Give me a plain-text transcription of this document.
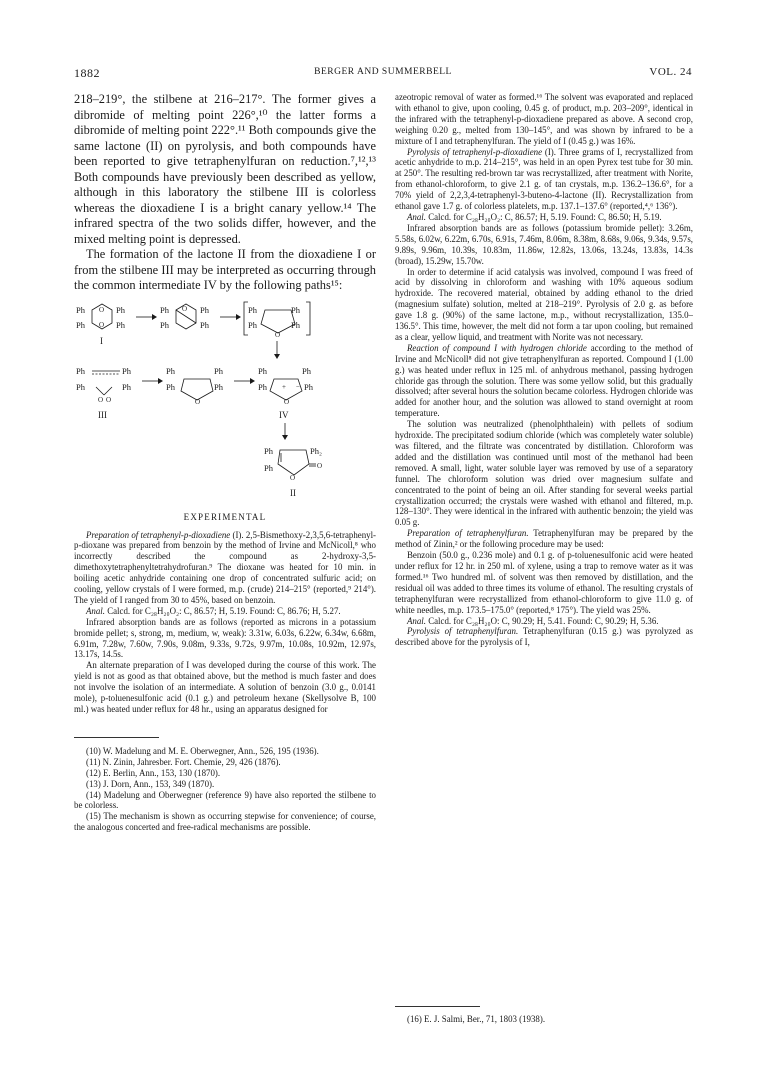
1882	BERGER AND SUMMERBELL	VOL. 24

218–219°, the stilbene at 216–217°. The former gives a dibromide of melting point 226°,¹⁰ the latter forms a dibromide of melting point 222°.¹¹ Both compounds give the same lactone (II) on pyrolysis, and both compounds have been reported to give tetraphenylfuran on reduction.⁷,¹²,¹³ Both compounds have previously been described as yellow, although in this laboratory the stilbene III is colorless whereas the dioxadiene I is a bright canary yellow.¹⁴ The infrared spectra of the two solids differ, however, and the mixed melting point is depressed.

The formation of the lactone II from the dioxadiene I or from the stilbene III may be interpreted as occurring through the common intermediate IV by the following paths¹⁵:

Ph
Ph
O
O
Ph
Ph
I
Ph
Ph
O Ph
Ph
Ph
Ph
O
Ph
Ph
Ph
Ph
O O
Ph
Ph
III
Ph
Ph
O
Ph
Ph
Ph
Ph + −
O
Ph
Ph
IV
Ph
Ph
O
O
Ph₂
II
EXPERIMENTAL

Preparation of tetraphenyl-p-dioxadiene (I). 2,5-Bismethoxy-2,3,5,6-tetraphenyl-p-dioxane was prepared from benzoin by the method of Irvine and McNicoll,⁸ who incorrectly described the compound as 2-hydroxy-3,5-dimethoxytetraphenyltetrahydrofuran.⁹ The dioxane was heated for 10 min. in boiling acetic anhydride containing one drop of concentrated sulfuric acid; on cooling, yellow crystals of I were formed, m.p. (crude) 214–215° (reported,⁹ 214°). The yield of I ranged from 30 to 45%, based on benzoin.

Anal. Calcd. for C₂₈H₂₀O₂: C, 86.57; H, 5.19. Found: C, 86.76; H, 5.27.

Infrared absorption bands are as follows (reported as microns in a potassium bromide pellet; s, strong, m, medium, w, weak): 3.31w, 6.03s, 6.22w, 6.34w, 6.68m, 6.91m, 7.28w, 7.60w, 7.90s, 9.08m, 9.33s, 9.72s, 9.97m, 10.08s, 10.92m, 12.97s, 13.17s, 14.5s.

An alternate preparation of I was developed during the course of this work. The yield is not as good as that obtained above, but the method is much faster and does not involve the isolation of an intermediate. A solution of benzoin (3.0 g., 0.0141 mole), p-toluenesulfonic acid (0.1 g.) and petroleum hexane (Skellysolve B, 100 ml.) was heated under reflux for 48 hr., using an apparatus designed for

(10) W. Madelung and M. E. Oberwegner, Ann., 526, 195 (1936).

(11) N. Zinin, Jahresber. Fort. Chemie, 29, 426 (1876).

(12) E. Berlin, Ann., 153, 130 (1870).

(13) J. Dorn, Ann., 153, 349 (1870).

(14) Madelung and Oberwegner (reference 9) have also reported the stilbene to be colorless.

(15) The mechanism is shown as occurring stepwise for convenience; of course, the analogous concerted and free-radical mechanisms are possible.

azeotropic removal of water as formed.¹⁶ The solvent was evaporated and replaced with ethanol to give, upon cooling, 0.45 g. of product, m.p. 203–209°, identical in the infrared with the tetraphenyl-p-dioxadiene prepared as above. A second crop, weighing 0.20 g., melted from 130–145°, and was shown by infrared to be a mixture of I and tetraphenylfuran. The yield of I (0.45 g.) was 16%.

Pyrolysis of tetraphenyl-p-dioxadiene (I). Three grams of I, recrystallized from acetic anhydride to m.p. 214–215°, was held in an open Pyrex test tube for 30 min. at 250°. The resulting red-brown tar was recrystallized, after treatment with Norite, from ethanol-chloroform, to give 2.1 g. of tan crystals, m.p. 136.2–136.6°, for a 70% yield of 2,2,3,4-tetraphenyl-3-buteno-4-lactone (II). Recrystallization from ethanol gave 1.7 g. of colorless platelets, m.p. 137.1–137.6° (reported,⁴,⁶ 136°).

Anal. Calcd. for C₂₈H₂₀O₂: C, 86.57; H, 5.19. Found: C, 86.50; H, 5.19.

Infrared absorption bands are as follows (potassium bromide pellet): 3.26m, 5.58s, 6.02w, 6.22m, 6.70s, 6.91s, 7.46m, 8.06m, 8.38m, 8.68s, 9.06s, 9.34s, 9.57s, 9.89s, 9.96m, 10.39s, 10.83m, 11.86w, 12.82s, 13.06s, 13.24s, 13.83s, 14.3s (broad), 15.29w, 15.70w.

In order to determine if acid catalysis was involved, compound I was freed of acid by dissolving in chloroform and washing with 10% aqueous sodium hydroxide. The recovered material, obtained by adding ethanol to the dried (magnesium sulfate) solution, melted at 218–219°. Pyrolysis of 2.0 g. as before gave 1.8 g. (90%) of the same lactone, m.p., without recrystallization, 135.0–136.5°. This time, however, the melt did not form a tar upon cooling, but remained as a clear, yellow liquid, and treatment with Norite was not necessary.

Reaction of compound I with hydrogen chloride according to the method of Irvine and McNicoll⁸ did not give tetraphenylfuran as reported. Compound I (1.00 g.) was heated under reflux in 125 ml. of anhydrous methanol, passing hydrogen chloride gas through the solution. There was some yellow solid, but this gradually dissolved; after several hours the solution became colorless. Hydrogen chloride was added for another hour, and the solution was allowed to stand overnight at room temperature.

The solution was neutralized (phenolphthalein) with pellets of sodium hydroxide. The precipitated sodium chloride (which was completely water soluble) was filtered, and the filtrate was concentrated by distillation. Chloroform was added and the distillation was continued until most of the methanol had been removed. A small, light, water soluble layer was removed by use of a separatory funnel. The chloroform solution was dried over magnesium sulfate and concentrated to the point of being an oil. After standing for several weeks partial crystallization occurred; the crystals were washed with ethanol and filtered, m.p. 128–130°. They were identical in the infrared with authentic benzoin; the yield was 0.05 g.

Preparation of tetraphenylfuran. Tetraphenylfuran may be prepared by the method of Zinin,² or the following procedure may be used:

Benzoin (50.0 g., 0.236 mole) and 0.1 g. of p-toluenesulfonic acid were heated under reflux for 12 hr. in 250 ml. of xylene, using a trap to remove water as it was formed.¹⁶ Two hundred ml. of solvent was then removed by distillation, and the residual oil was added to three times its volume of ethanol. The resulting crystals of tetraphenylfuran were recrystallized from ethanol-chloroform to give 11.0 g. of white needles, m.p. 173.5–175.0° (reported,⁸ 175°). The yield was 25%.

Anal. Calcd. for C₂₈H₂₀O: C, 90.29; H, 5.41. Found: C, 90.29; H, 5.36.

Pyrolysis of tetraphenylfuran. Tetraphenylfuran (0.15 g.) was pyrolyzed as described above for the pyrolysis of I,

(16) E. J. Salmi, Ber., 71, 1803 (1938).
